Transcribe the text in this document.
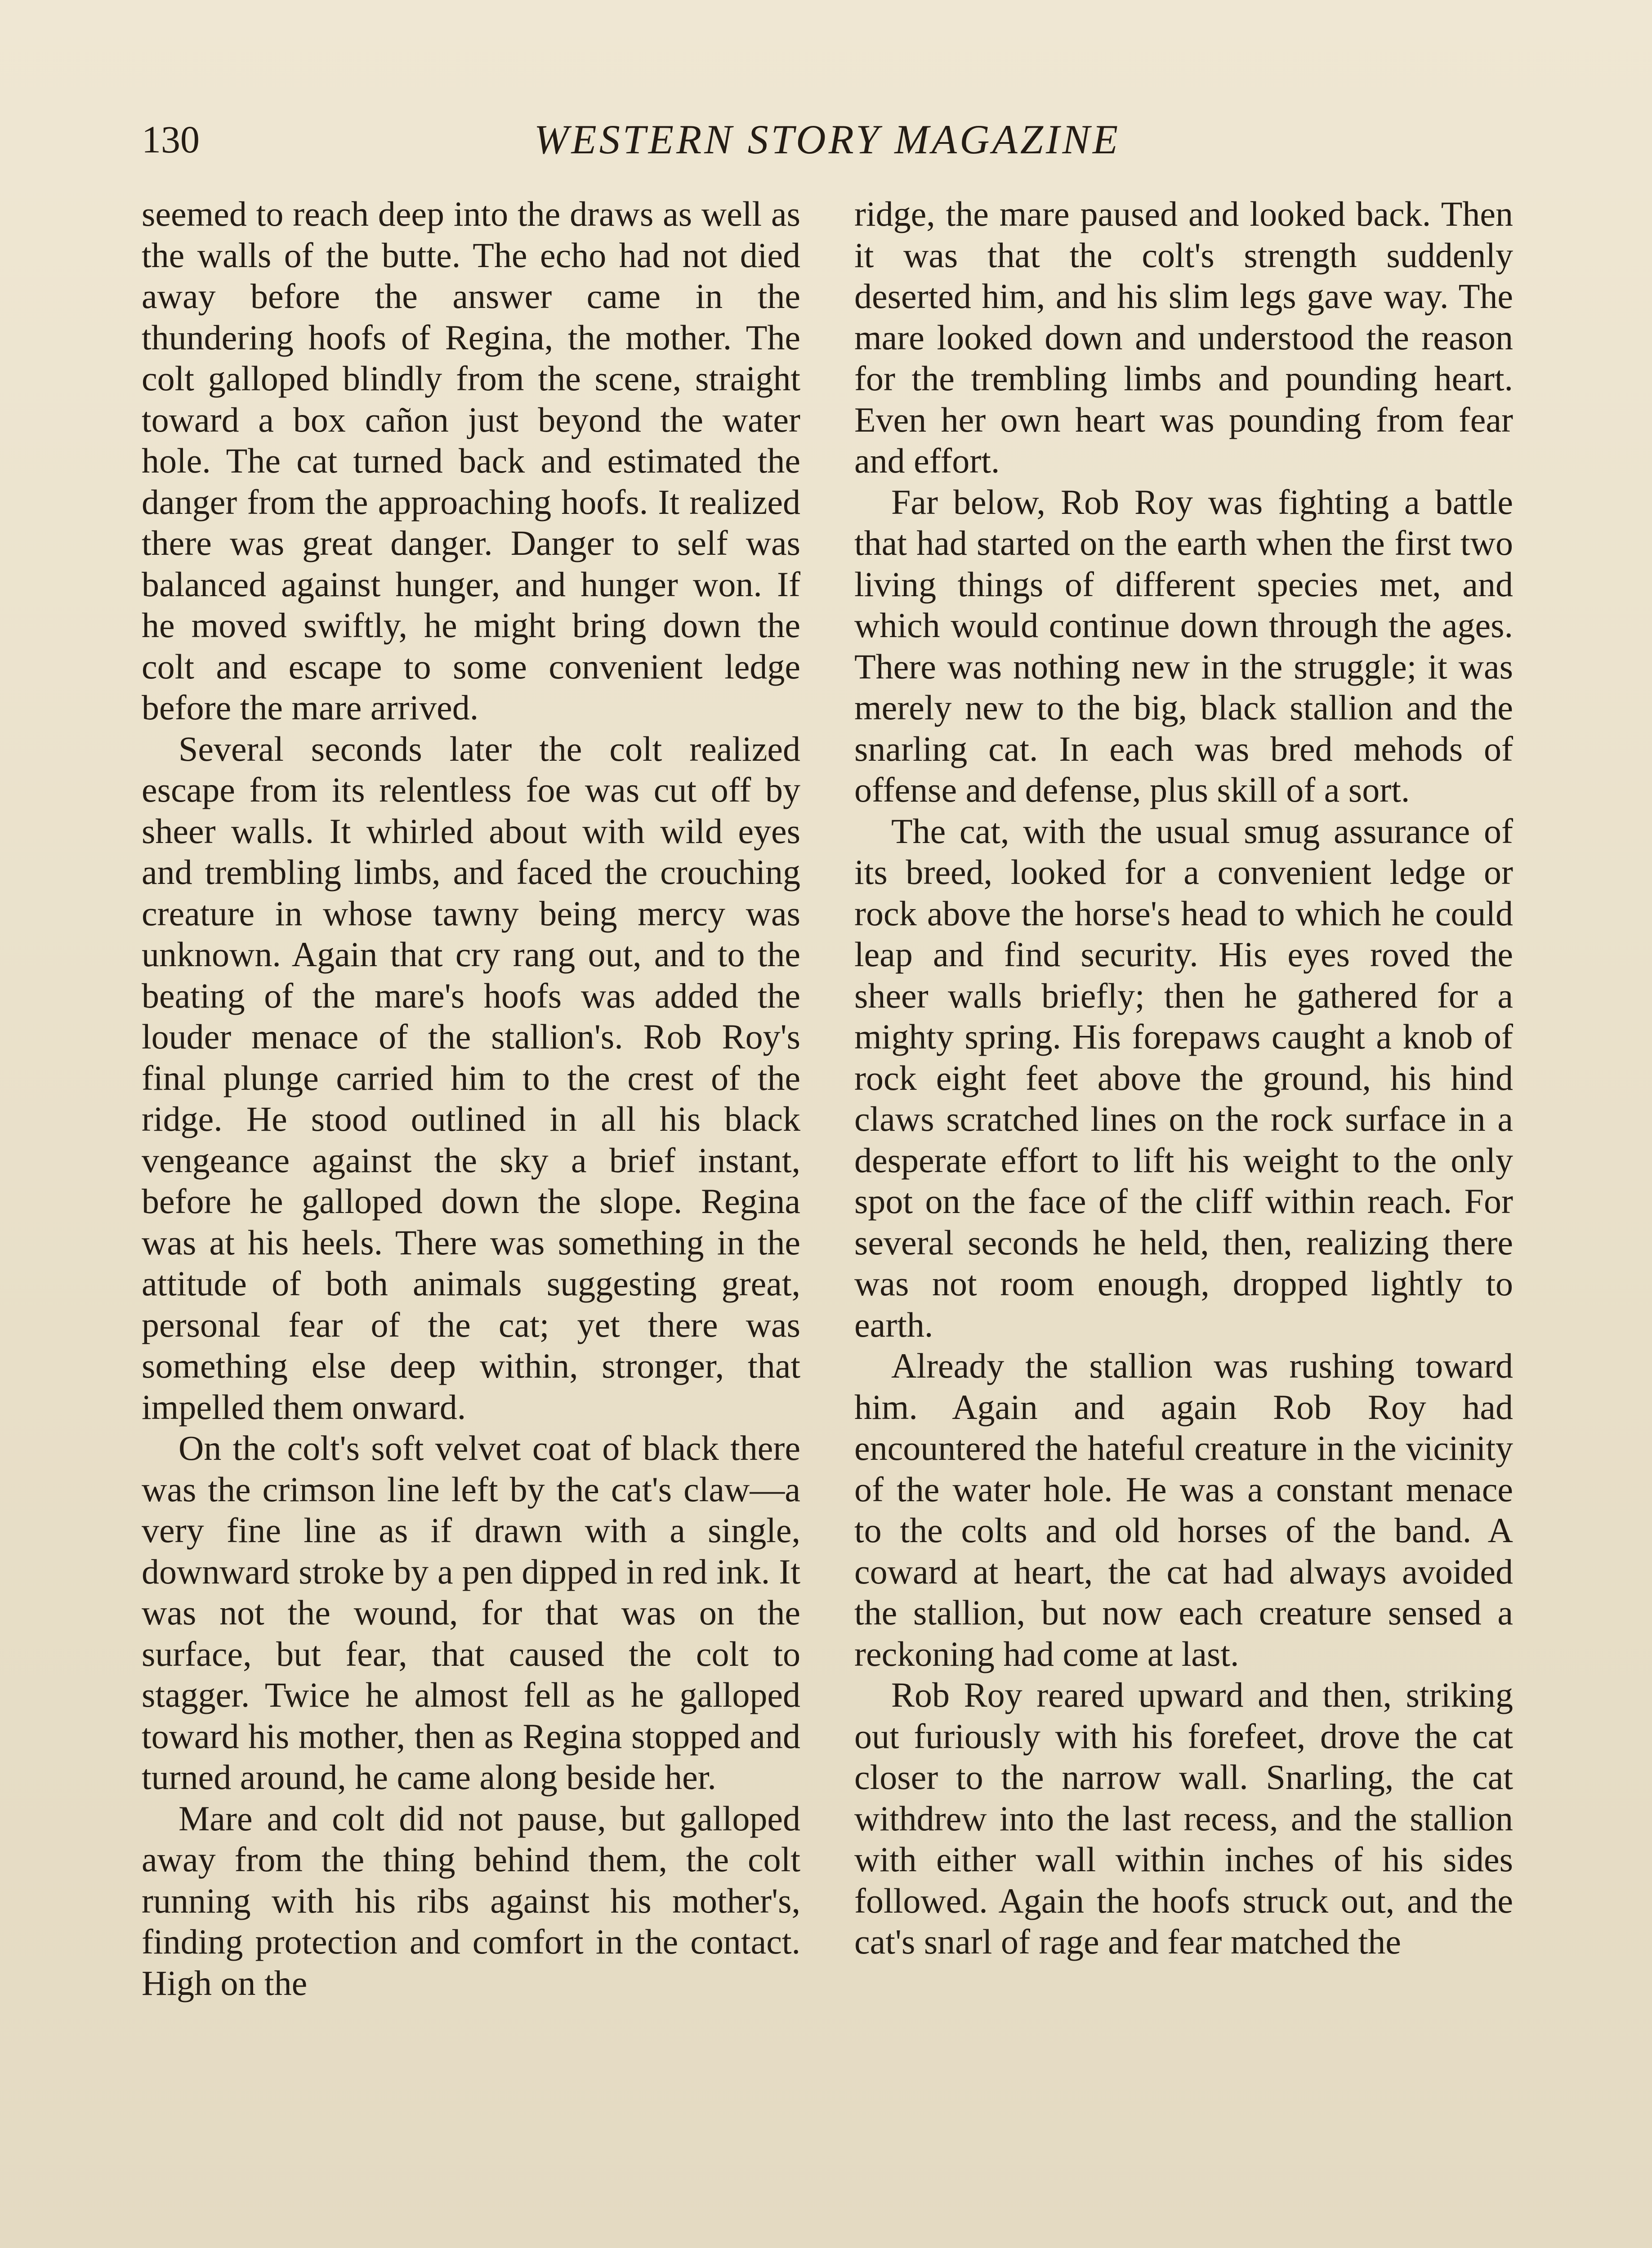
130	WESTERN STORY MAGAZINE

seemed to reach deep into the draws as well as the walls of the butte. The echo had not died away before the answer came in the thundering hoofs of Regina, the mother. The colt galloped blindly from the scene, straight toward a box cañon just beyond the water hole. The cat turned back and estimated the danger from the approaching hoofs. It realized there was great danger. Danger to self was balanced against hunger, and hunger won. If he moved swiftly, he might bring down the colt and escape to some convenient ledge before the mare arrived.

Several seconds later the colt realized escape from its relentless foe was cut off by sheer walls. It whirled about with wild eyes and trembling limbs, and faced the crouching creature in whose tawny being mercy was unknown. Again that cry rang out, and to the beating of the mare's hoofs was added the louder menace of the stallion's. Rob Roy's final plunge carried him to the crest of the ridge. He stood outlined in all his black vengeance against the sky a brief instant, before he galloped down the slope. Regina was at his heels. There was something in the attitude of both animals suggesting great, personal fear of the cat; yet there was something else deep within, stronger, that impelled them onward.

On the colt's soft velvet coat of black there was the crimson line left by the cat's claw—a very fine line as if drawn with a single, downward stroke by a pen dipped in red ink. It was not the wound, for that was on the surface, but fear, that caused the colt to stagger. Twice he almost fell as he galloped toward his mother, then as Regina stopped and turned around, he came along beside her.

Mare and colt did not pause, but galloped away from the thing behind them, the colt running with his ribs against his mother's, finding protection and comfort in the contact. High on the

ridge, the mare paused and looked back. Then it was that the colt's strength suddenly deserted him, and his slim legs gave way. The mare looked down and understood the reason for the trembling limbs and pounding heart. Even her own heart was pounding from fear and effort.

Far below, Rob Roy was fighting a battle that had started on the earth when the first two living things of different species met, and which would continue down through the ages. There was nothing new in the struggle; it was merely new to the big, black stallion and the snarling cat. In each was bred mehods of offense and defense, plus skill of a sort.

The cat, with the usual smug assurance of its breed, looked for a convenient ledge or rock above the horse's head to which he could leap and find security. His eyes roved the sheer walls briefly; then he gathered for a mighty spring. His forepaws caught a knob of rock eight feet above the ground, his hind claws scratched lines on the rock surface in a desperate effort to lift his weight to the only spot on the face of the cliff within reach. For several seconds he held, then, realizing there was not room enough, dropped lightly to earth.

Already the stallion was rushing toward him. Again and again Rob Roy had encountered the hateful creature in the vicinity of the water hole. He was a constant menace to the colts and old horses of the band. A coward at heart, the cat had always avoided the stallion, but now each creature sensed a reckoning had come at last.

Rob Roy reared upward and then, striking out furiously with his forefeet, drove the cat closer to the narrow wall. Snarling, the cat withdrew into the last recess, and the stallion with either wall within inches of his sides followed. Again the hoofs struck out, and the cat's snarl of rage and fear matched the
